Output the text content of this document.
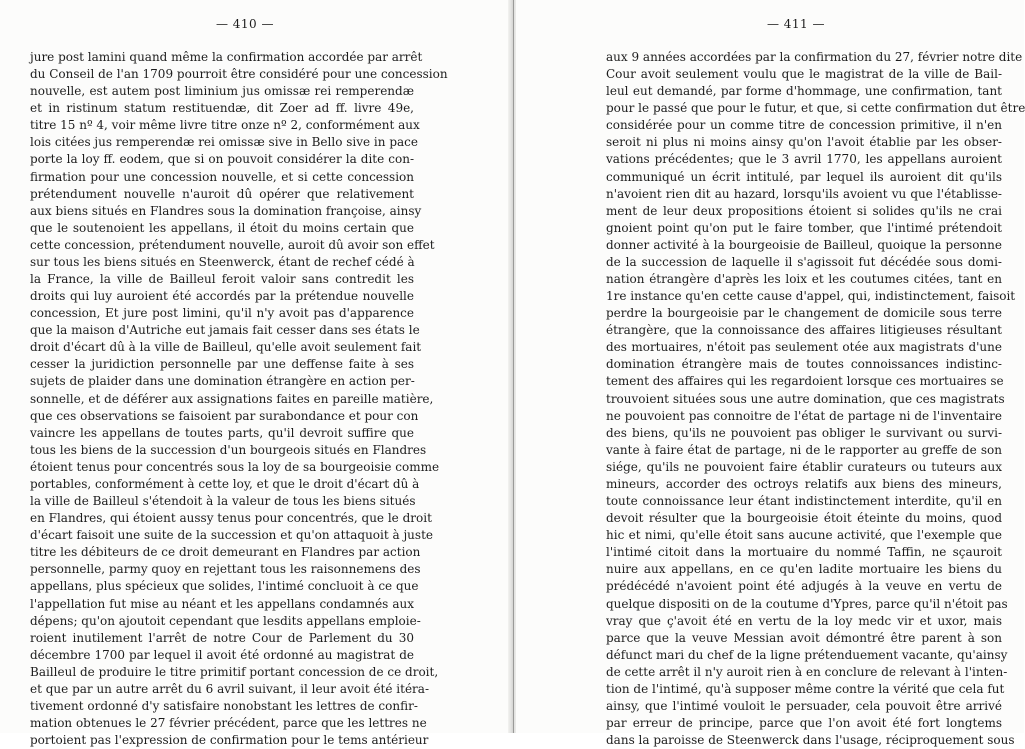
— 410 —
jure post lamini quand même la confirmation accordée par arrêt
du Conseil de l'an 1709 pourroit être considéré pour une concession
nouvelle, est autem post liminium jus omissæ rei remperendæ
et in ristinum statum restituendæ, dit Zoer ad ff. livre 49e,
titre 15 nº 4, voir même livre titre onze nº 2, conformément aux
lois citées jus remperendæ rei omissæ sive in Bello sive in pace
porte la loy ff. eodem, que si on pouvoit considérer la dite con-
firmation pour une concession nouvelle, et si cette concession
prétendument nouvelle n'auroit dû opérer que relativement
aux biens situés en Flandres sous la domination françoise, ainsy
que le soutenoient les appellans, il étoit du moins certain que
cette concession, prétendument nouvelle, auroit dû avoir son effet
sur tous les biens situés en Steenwerck, étant de rechef cédé à
la France, la ville de Bailleul feroit valoir sans contredit les
droits qui luy auroient été accordés par la prétendue nouvelle
concession, Et jure post limini, qu'il n'y avoit pas d'apparence
que la maison d'Autriche eut jamais fait cesser dans ses états le
droit d'écart dû à la ville de Bailleul, qu'elle avoit seulement fait
cesser la juridiction personnelle par une deffense faite à ses
sujets de plaider dans une domination étrangère en action per-
sonnelle, et de déférer aux assignations faites en pareille matière,
que ces observations se faisoient par surabondance et pour con
vaincre les appellans de toutes parts, qu'il devroit suffire que
tous les biens de la succession d'un bourgeois situés en Flandres
étoient tenus pour concentrés sous la loy de sa bourgeoisie comme
portables, conformément à cette loy, et que le droit d'écart dû à
la ville de Bailleul s'étendoit à la valeur de tous les biens situés
en Flandres, qui étoient aussy tenus pour concentrés, que le droit
d'écart faisoit une suite de la succession et qu'on attaquoit à juste
titre les débiteurs de ce droit demeurant en Flandres par action
personnelle, parmy quoy en rejettant tous les raisonnemens des
appellans, plus spécieux que solides, l'intimé concluoit à ce que
l'appellation fut mise au néant et les appellans condamnés aux
dépens; qu'on ajoutoit cependant que lesdits appellans emploie-
roient inutilement l'arrêt de notre Cour de Parlement du 30
décembre 1700 par lequel il avoit été ordonné au magistrat de
Bailleul de produire le titre primitif portant concession de ce droit,
et que par un autre arrêt du 6 avril suivant, il leur avoit été itéra-
tivement ordonné d'y satisfaire nonobstant les lettres de confir-
mation obtenues le 27 février précédent, parce que les lettres ne
portoient pas l'expression de confirmation pour le tems antérieur
— 411 —
aux 9 années accordées par la confirmation du 27, février notre dite
Cour avoit seulement voulu que le magistrat de la ville de Bail-
leul eut demandé, par forme d'hommage, une confirmation, tant
pour le passé que pour le futur, et que, si cette confirmation dut être
considérée pour un comme titre de concession primitive, il n'en
seroit ni plus ni moins ainsy qu'on l'avoit établie par les obser-
vations précédentes; que le 3 avril 1770, les appellans auroient
communiqué un écrit intitulé, par lequel ils auroient dit qu'ils
n'avoient rien dit au hazard, lorsqu'ils avoient vu que l'établisse-
ment de leur deux propositions étoient si solides qu'ils ne crai
gnoient point qu'on put le faire tomber, que l'intimé prétendoit
donner activité à la bourgeoisie de Bailleul, quoique la personne
de la succession de laquelle il s'agissoit fut décédée sous domi-
nation étrangère d'après les loix et les coutumes citées, tant en
1re instance qu'en cette cause d'appel, qui, indistinctement, faisoit
perdre la bourgeoisie par le changement de domicile sous terre
étrangère, que la connoissance des affaires litigieuses résultant
des mortuaires, n'étoit pas seulement otée aux magistrats d'une
domination étrangère mais de toutes connoissances indistinc-
tement des affaires qui les regardoient lorsque ces mortuaires se
trouvoient situées sous une autre domination, que ces magistrats
ne pouvoient pas connoitre de l'état de partage ni de l'inventaire
des biens, qu'ils ne pouvoient pas obliger le survivant ou survi-
vante à faire état de partage, ni de le rapporter au greffe de son
siége, qu'ils ne pouvoient faire établir curateurs ou tuteurs aux
mineurs, accorder des octroys relatifs aux biens des mineurs,
toute connoissance leur étant indistinctement interdite, qu'il en
devoit résulter que la bourgeoisie étoit éteinte du moins, quod
hic et nimi, qu'elle étoit sans aucune activité, que l'exemple que
l'intimé citoit dans la mortuaire du nommé Taffin, ne sçauroit
nuire aux appellans, en ce qu'en ladite mortuaire les biens du
prédécédé n'avoient point été adjugés à la veuve en vertu de
quelque dispositi on de la coutume d'Ypres, parce qu'il n'étoit pas
vray que ç'avoit été en vertu de la loy medc vir et uxor, mais
parce que la veuve Messian avoit démontré être parent à son
défunct mari du chef de la ligne prétenduement vacante, qu'ainsy
de cette arrêt il n'y auroit rien à en conclure de relevant à l'inten-
tion de l'intimé, qu'à supposer même contre la vérité que cela fut
ainsy, que l'intimé vouloit le persuader, cela pouvoit être arrivé
par erreur de principe, parce que l'on avoit été fort longtems
dans la paroisse de Steenwerck dans l'usage, réciproquement sous
